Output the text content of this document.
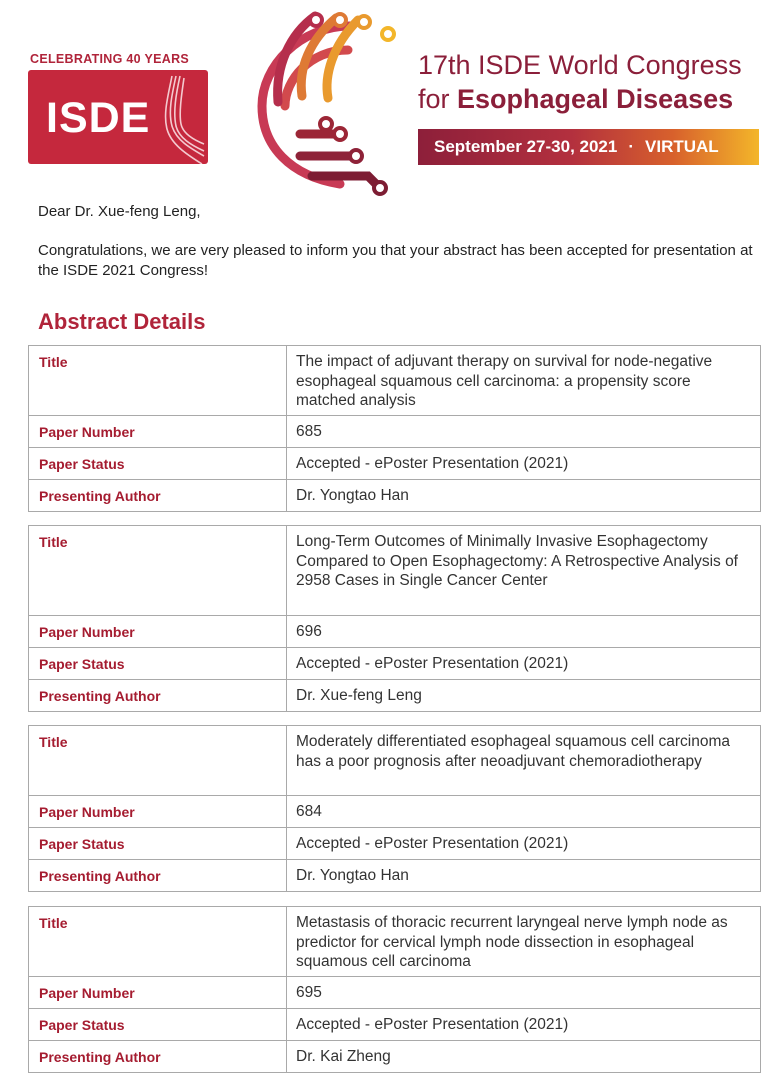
CELEBRATING 40 YEARS
ISDE
17th ISDE World Congress
for Esophageal Diseases
September 27-30, 2021 · VIRTUAL
Dear Dr. Xue-feng Leng,
Congratulations, we are very pleased to inform you that your abstract has been accepted for presentation at the ISDE 2021 Congress!
Abstract Details
Title	The impact of adjuvant therapy on survival for node-negative esophageal squamous cell carcinoma: a propensity score matched analysis
Paper Number	685
Paper Status	Accepted - ePoster Presentation (2021)
Presenting Author	Dr. Yongtao Han
Title	Long-Term Outcomes of Minimally Invasive Esophagectomy Compared to Open Esophagectomy: A Retrospective Analysis of 2958 Cases in Single Cancer Center
Paper Number	696
Paper Status	Accepted - ePoster Presentation (2021)
Presenting Author	Dr. Xue-feng Leng
Title	Moderately differentiated esophageal squamous cell carcinoma has a poor prognosis after neoadjuvant chemoradiotherapy
Paper Number	684
Paper Status	Accepted - ePoster Presentation (2021)
Presenting Author	Dr. Yongtao Han
Title	Metastasis of thoracic recurrent laryngeal nerve lymph node as predictor for cervical lymph node dissection in esophageal squamous cell carcinoma
Paper Number	695
Paper Status	Accepted - ePoster Presentation (2021)
Presenting Author	Dr. Kai Zheng
